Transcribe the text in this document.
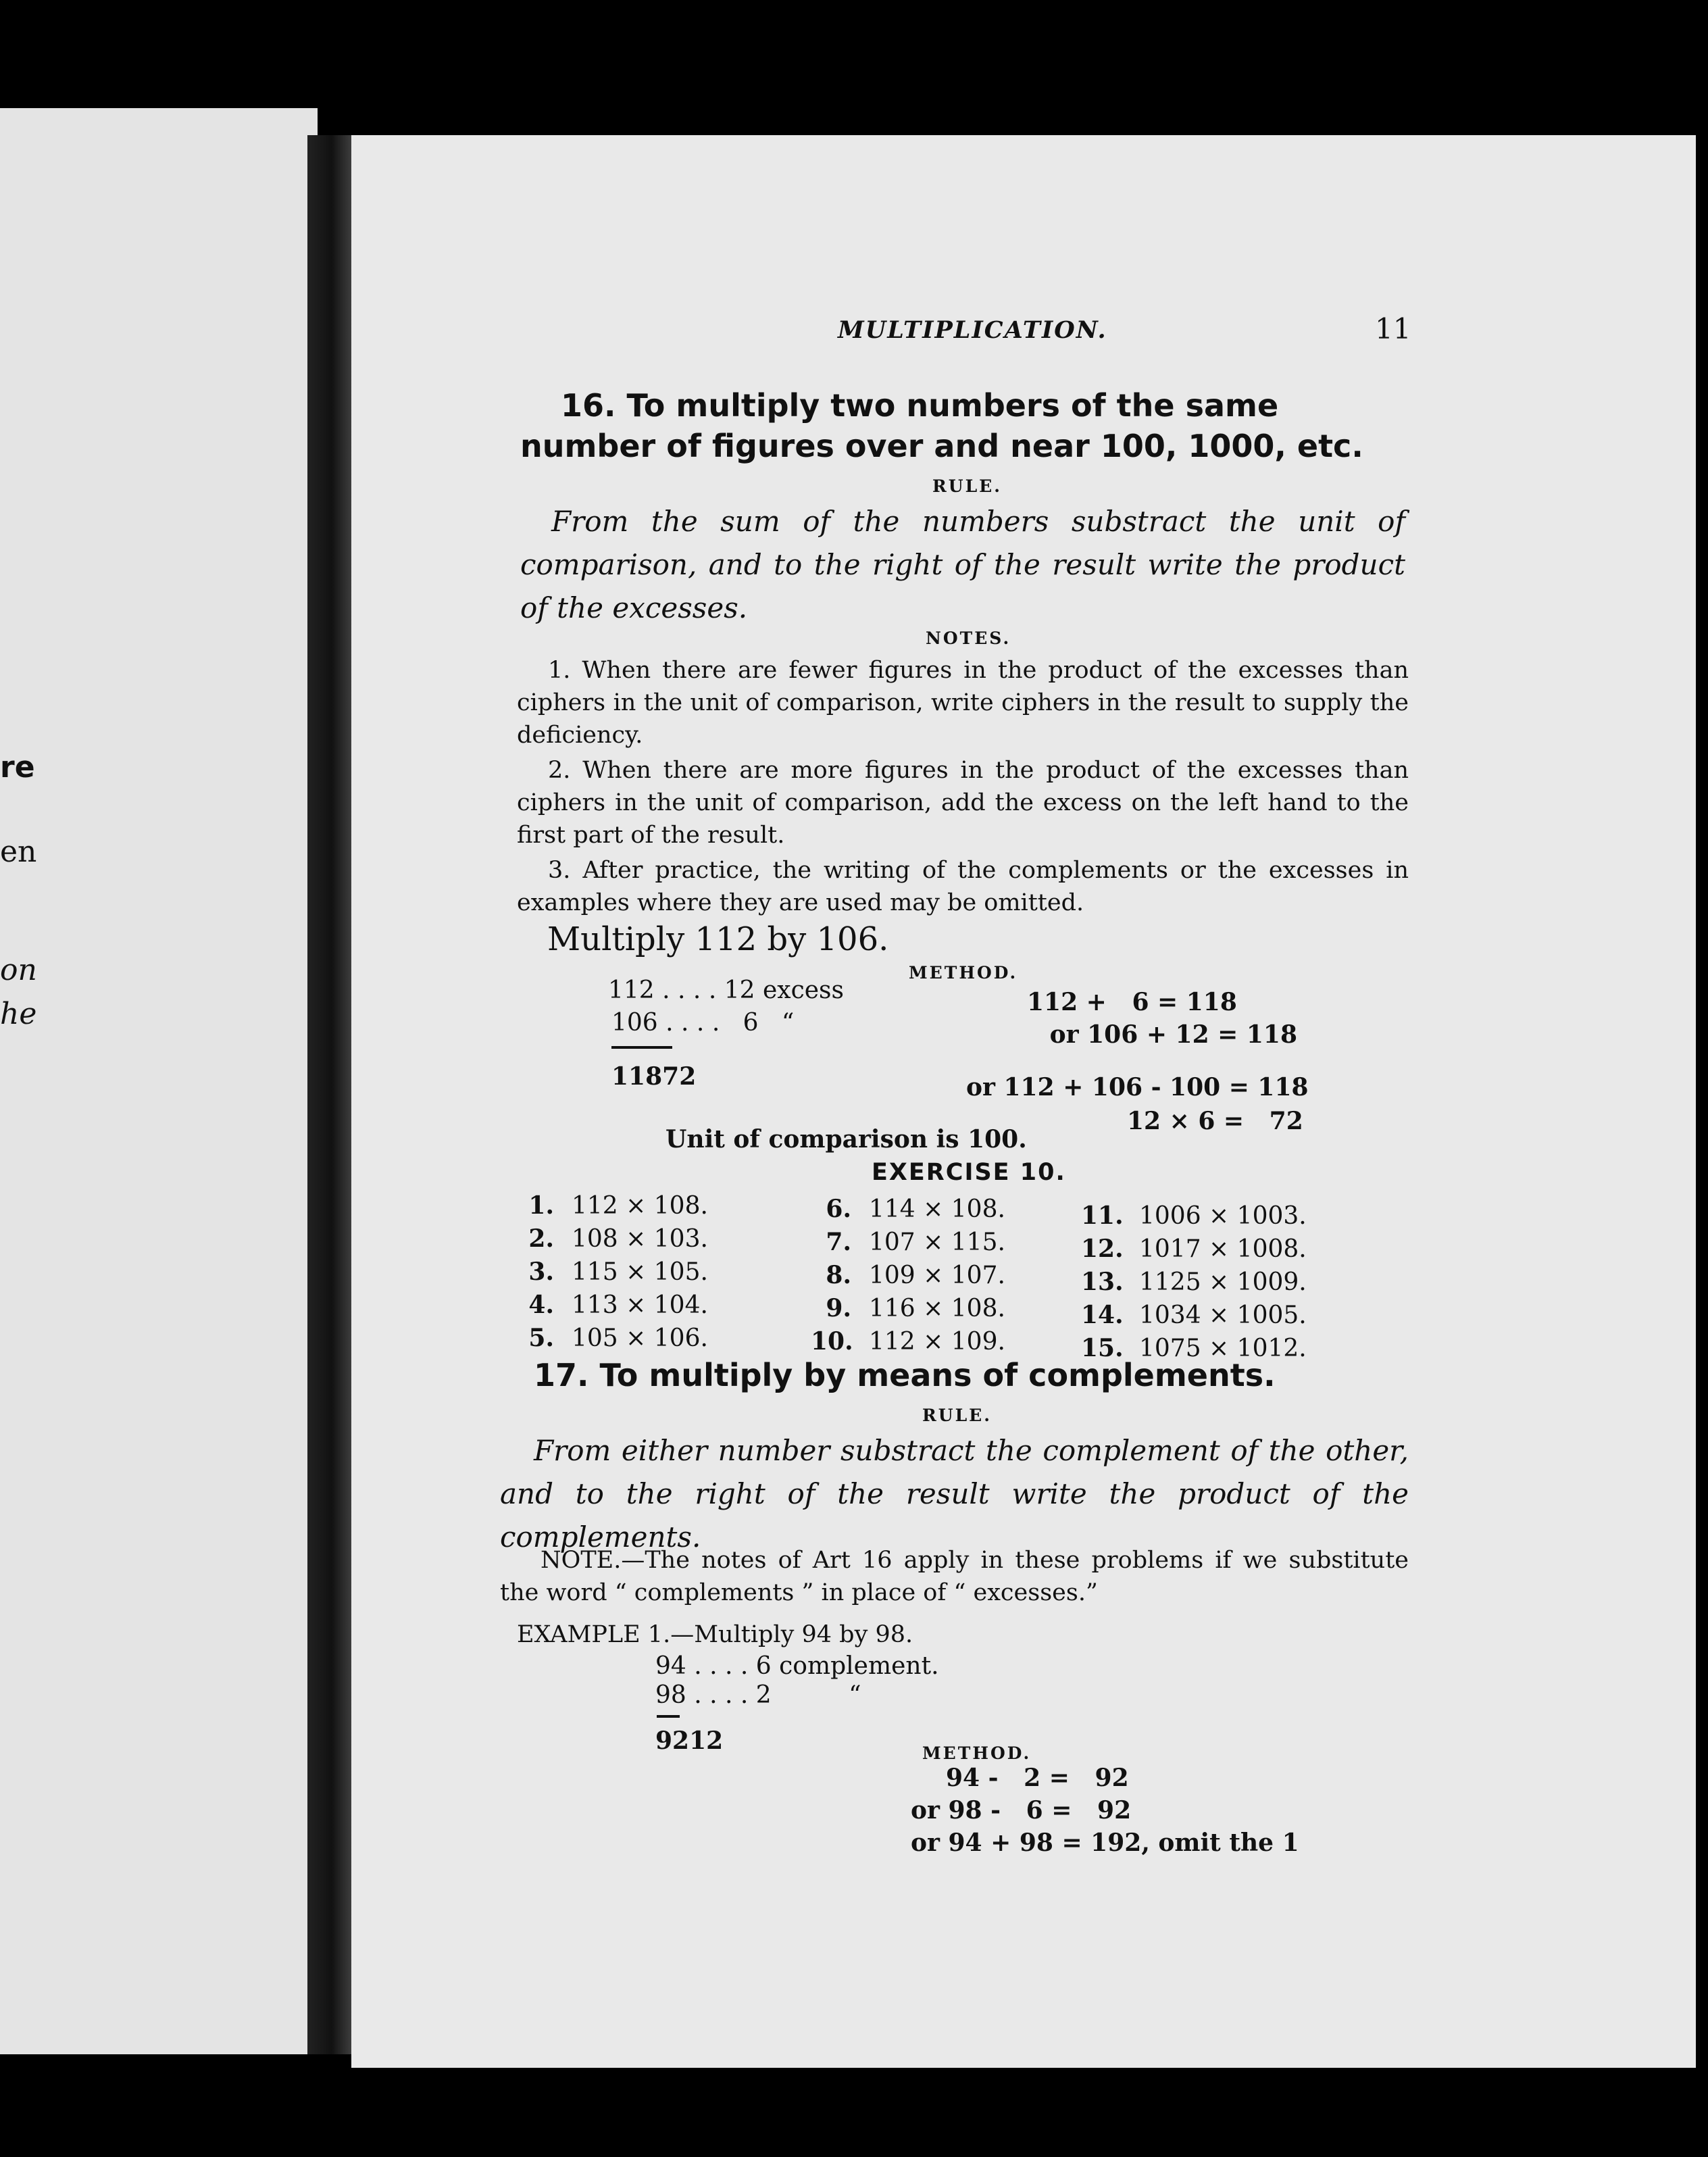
re
en
on
he
MULTIPLICATION.	11
16. To multiply two numbers of the same number of figures over and near 100, 1000, etc.
RULE.
From the sum of the numbers substract the unit of comparison, and to the right of the result write the product of the excesses.
NOTES.

1. When there are fewer figures in the product of the excesses than ciphers in the unit of comparison, write ciphers in the result to supply the deficiency.

2. When there are more figures in the product of the excesses than ciphers in the unit of comparison, add the excess on the left hand to the first part of the result.

3. After practice, the writing of the complements or the excesses in examples where they are used may be omitted.

Multiply 112 by 106.
METHOD.
112 . . . . 12 excess
106 . . . .   6   “
11872
112 +   6 = 118
or 106 + 12 = 118
or 112 + 106 - 100 = 118
12 × 6 =   72
Unit of comparison is 100.
EXERCISE 10.
1. 112 × 108.
2. 108 × 103.
3. 115 × 105.
4. 113 × 104.
5. 105 × 106.
6. 114 × 108.
7. 107 × 115.
8. 109 × 107.
9. 116 × 108.
10. 112 × 109.
11. 1006 × 1003.
12. 1017 × 1008.
13. 1125 × 1009.
14. 1034 × 1005.
15. 1075 × 1012.
17. To multiply by means of complements.
RULE.
From either number substract the complement of the other, and to the right of the result write the product of the complements.
NOTE.—The notes of Art 16 apply in these problems if we substitute the word “ complements ” in place of “ excesses.”
EXAMPLE 1.—Multiply 94 by 98.
94 . . . . 6 complement.
98 . . . . 2          “
9212	METHOD.
94 -   2 =   92
or 98 -   6 =   92
or 94 + 98 = 192, omit the 1
